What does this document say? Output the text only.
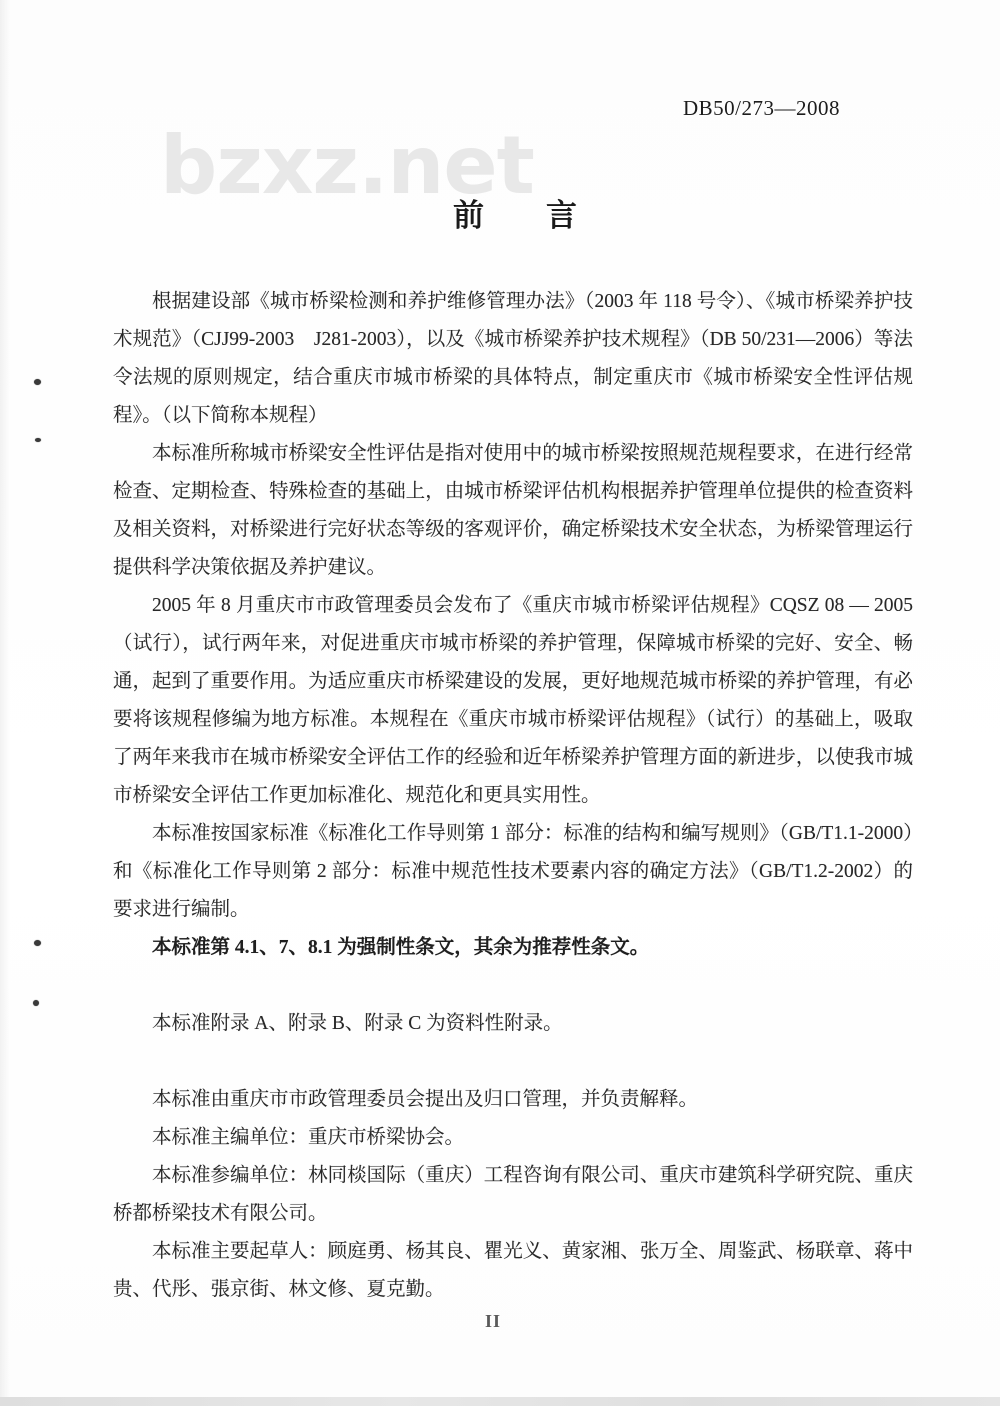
DB50/273—2008
bzxz.net
前　　言

根据建设部《城市桥梁检测和养护维修管理办法》（2003 年 118 号令）、《城市桥梁养护技术规范》（CJJ99-2003　J281-2003），以及《城市桥梁养护技术规程》（DB 50/231—2006）等法令法规的原则规定，结合重庆市城市桥梁的具体特点，制定重庆市《城市桥梁安全性评估规程》。（以下简称本规程）

本标准所称城市桥梁安全性评估是指对使用中的城市桥梁按照规范规程要求，在进行经常检查、定期检查、特殊检查的基础上，由城市桥梁评估机构根据养护管理单位提供的检查资料及相关资料，对桥梁进行完好状态等级的客观评价，确定桥梁技术安全状态，为桥梁管理运行提供科学决策依据及养护建议。

2005 年 8 月重庆市市政管理委员会发布了《重庆市城市桥梁评估规程》CQSZ 08 — 2005（试行），试行两年来，对促进重庆市城市桥梁的养护管理，保障城市桥梁的完好、安全、畅通，起到了重要作用。为适应重庆市桥梁建设的发展，更好地规范城市桥梁的养护管理，有必要将该规程修编为地方标准。本规程在《重庆市城市桥梁评估规程》（试行）的基础上，吸取了两年来我市在城市桥梁安全评估工作的经验和近年桥梁养护管理方面的新进步，以使我市城市桥梁安全评估工作更加标准化、规范化和更具实用性。

本标准按国家标准《标准化工作导则第 1 部分：标准的结构和编写规则》（GB/T1.1-2000）和《标准化工作导则第 2 部分：标准中规范性技术要素内容的确定方法》（GB/T1.2-2002）的要求进行编制。

本标准第 4.1、7、8.1 为强制性条文，其余为推荐性条文。

本标准附录 A、附录 B、附录 C 为资料性附录。

本标准由重庆市市政管理委员会提出及归口管理，并负责解释。

本标准主编单位：重庆市桥梁协会。

本标准参编单位：林同棪国际（重庆）工程咨询有限公司、重庆市建筑科学研究院、重庆桥都桥梁技术有限公司。

本标准主要起草人：顾庭勇、杨其良、瞿光义、黄家湘、张万全、周鉴武、杨联章、蒋中贵、代彤、張京街、林文修、夏克勤。

II
